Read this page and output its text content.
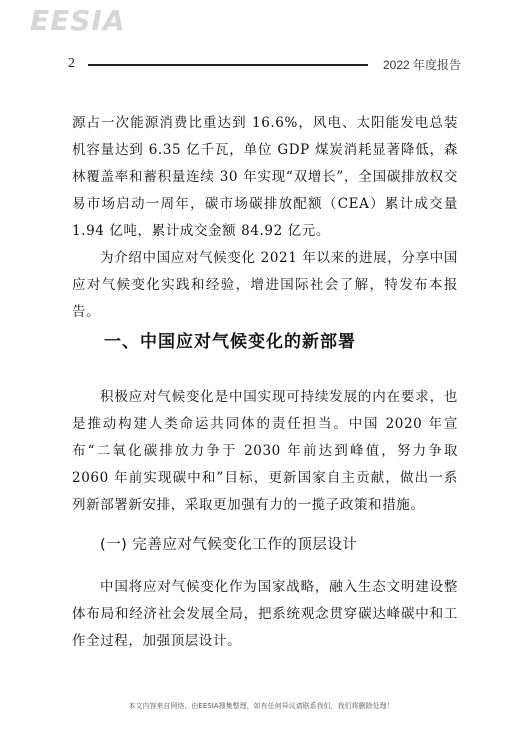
EESIA
2	2022 年度报告

源占一次能源消费比重达到 16.6%，风电、太阳能发电总装机容量达到 6.35 亿千瓦，单位 GDP 煤炭消耗显著降低，森林覆盖率和蓄积量连续 30 年实现“双增长”，全国碳排放权交易市场启动一周年，碳市场碳排放配额（CEA）累计成交量 1.94 亿吨，累计成交金额 84.92 亿元。

为介绍中国应对气候变化 2021 年以来的进展，分享中国应对气候变化实践和经验，增进国际社会了解，特发布本报告。

一、中国应对气候变化的新部署

积极应对气候变化是中国实现可持续发展的内在要求，也是推动构建人类命运共同体的责任担当。中国 2020 年宣布“二氧化碳排放力争于 2030 年前达到峰值，努力争取 2060 年前实现碳中和”目标，更新国家自主贡献，做出一系列新部署新安排，采取更加强有力的一揽子政策和措施。

(一) 完善应对气候变化工作的顶层设计

中国将应对气候变化作为国家战略，融入生态文明建设整体布局和经济社会发展全局，把系统观念贯穿碳达峰碳中和工作全过程，加强顶层设计。

本文内容来自网络，由EESIA搜集整理，如有任何异议请联系我们，我们将删除处理！
